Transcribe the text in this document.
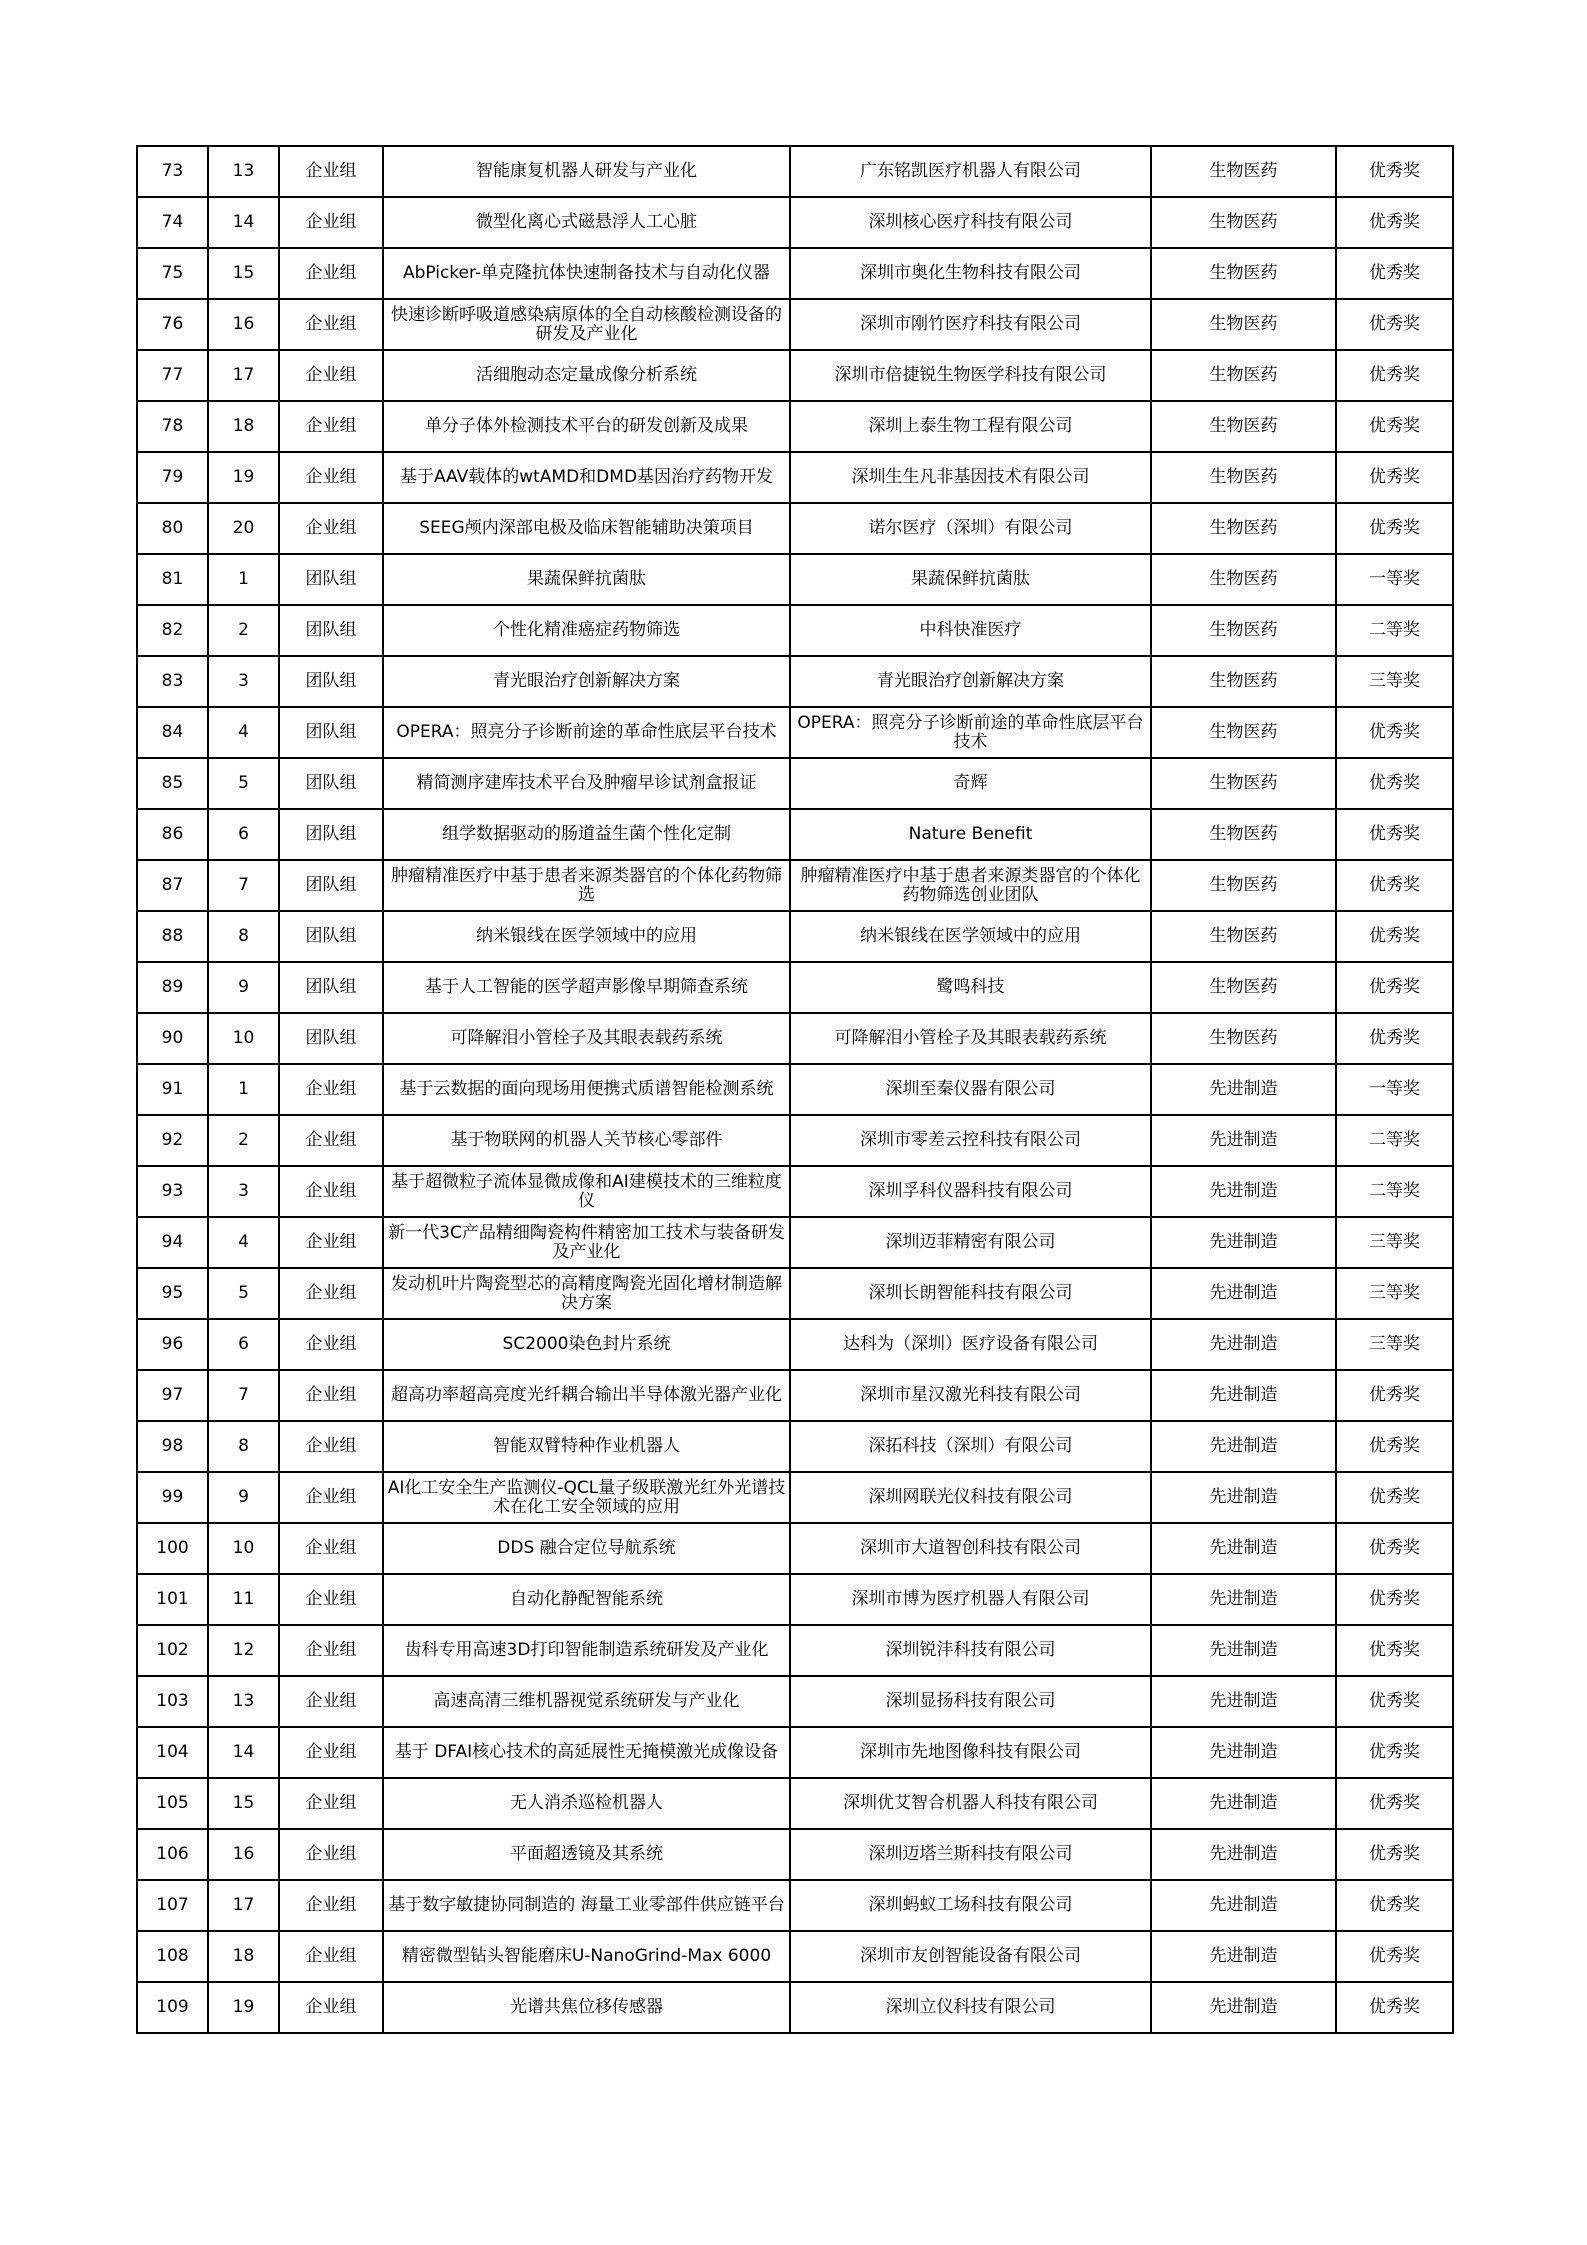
73	13	企业组	智能康复机器人研发与产业化	广东铭凯医疗机器人有限公司	生物医药	优秀奖
74	14	企业组	微型化离心式磁悬浮人工心脏	深圳核心医疗科技有限公司	生物医药	优秀奖
75	15	企业组	AbPicker-单克隆抗体快速制备技术与自动化仪器	深圳市奥化生物科技有限公司	生物医药	优秀奖
76	16	企业组	快速诊断呼吸道感染病原体的全自动核酸检测设备的研发及产业化	深圳市刚竹医疗科技有限公司	生物医药	优秀奖
77	17	企业组	活细胞动态定量成像分析系统	深圳市倍捷锐生物医学科技有限公司	生物医药	优秀奖
78	18	企业组	单分子体外检测技术平台的研发创新及成果	深圳上泰生物工程有限公司	生物医药	优秀奖
79	19	企业组	基于AAV载体的wtAMD和DMD基因治疗药物开发	深圳生生凡非基因技术有限公司	生物医药	优秀奖
80	20	企业组	SEEG颅内深部电极及临床智能辅助决策项目	诺尔医疗（深圳）有限公司	生物医药	优秀奖
81	1	团队组	果蔬保鲜抗菌肽	果蔬保鲜抗菌肽	生物医药	一等奖
82	2	团队组	个性化精准癌症药物筛选	中科快准医疗	生物医药	二等奖
83	3	团队组	青光眼治疗创新解决方案	青光眼治疗创新解决方案	生物医药	三等奖
84	4	团队组	OPERA：照亮分子诊断前途的革命性底层平台技术	OPERA：照亮分子诊断前途的革命性底层平台技术	生物医药	优秀奖
85	5	团队组	精简测序建库技术平台及肿瘤早诊试剂盒报证	奇辉	生物医药	优秀奖
86	6	团队组	组学数据驱动的肠道益生菌个性化定制	Nature Benefit	生物医药	优秀奖
87	7	团队组	肿瘤精准医疗中基于患者来源类器官的个体化药物筛选	肿瘤精准医疗中基于患者来源类器官的个体化药物筛选创业团队	生物医药	优秀奖
88	8	团队组	纳米银线在医学领域中的应用	纳米银线在医学领域中的应用	生物医药	优秀奖
89	9	团队组	基于人工智能的医学超声影像早期筛查系统	鹭鸣科技	生物医药	优秀奖
90	10	团队组	可降解泪小管栓子及其眼表载药系统	可降解泪小管栓子及其眼表载药系统	生物医药	优秀奖
91	1	企业组	基于云数据的面向现场用便携式质谱智能检测系统	深圳至秦仪器有限公司	先进制造	一等奖
92	2	企业组	基于物联网的机器人关节核心零部件	深圳市零差云控科技有限公司	先进制造	二等奖
93	3	企业组	基于超微粒子流体显微成像和AI建模技术的三维粒度仪	深圳孚科仪器科技有限公司	先进制造	二等奖
94	4	企业组	新一代3C产品精细陶瓷构件精密加工技术与装备研发及产业化	深圳迈菲精密有限公司	先进制造	三等奖
95	5	企业组	发动机叶片陶瓷型芯的高精度陶瓷光固化增材制造解决方案	深圳长朗智能科技有限公司	先进制造	三等奖
96	6	企业组	SC2000染色封片系统	达科为（深圳）医疗设备有限公司	先进制造	三等奖
97	7	企业组	超高功率超高亮度光纤耦合输出半导体激光器产业化	深圳市星汉激光科技有限公司	先进制造	优秀奖
98	8	企业组	智能双臂特种作业机器人	深拓科技（深圳）有限公司	先进制造	优秀奖
99	9	企业组	AI化工安全生产监测仪-QCL量子级联激光红外光谱技术在化工安全领域的应用	深圳网联光仪科技有限公司	先进制造	优秀奖
100	10	企业组	DDS 融合定位导航系统	深圳市大道智创科技有限公司	先进制造	优秀奖
101	11	企业组	自动化静配智能系统	深圳市博为医疗机器人有限公司	先进制造	优秀奖
102	12	企业组	齿科专用高速3D打印智能制造系统研发及产业化	深圳锐沣科技有限公司	先进制造	优秀奖
103	13	企业组	高速高清三维机器视觉系统研发与产业化	深圳显扬科技有限公司	先进制造	优秀奖
104	14	企业组	基于 DFAI核心技术的高延展性无掩模激光成像设备	深圳市先地图像科技有限公司	先进制造	优秀奖
105	15	企业组	无人消杀巡检机器人	深圳优艾智合机器人科技有限公司	先进制造	优秀奖
106	16	企业组	平面超透镜及其系统	深圳迈塔兰斯科技有限公司	先进制造	优秀奖
107	17	企业组	基于数字敏捷协同制造的 海量工业零部件供应链平台	深圳蚂蚁工场科技有限公司	先进制造	优秀奖
108	18	企业组	精密微型钻头智能磨床U-NanoGrind-Max 6000	深圳市友创智能设备有限公司	先进制造	优秀奖
109	19	企业组	光谱共焦位移传感器	深圳立仪科技有限公司	先进制造	优秀奖
